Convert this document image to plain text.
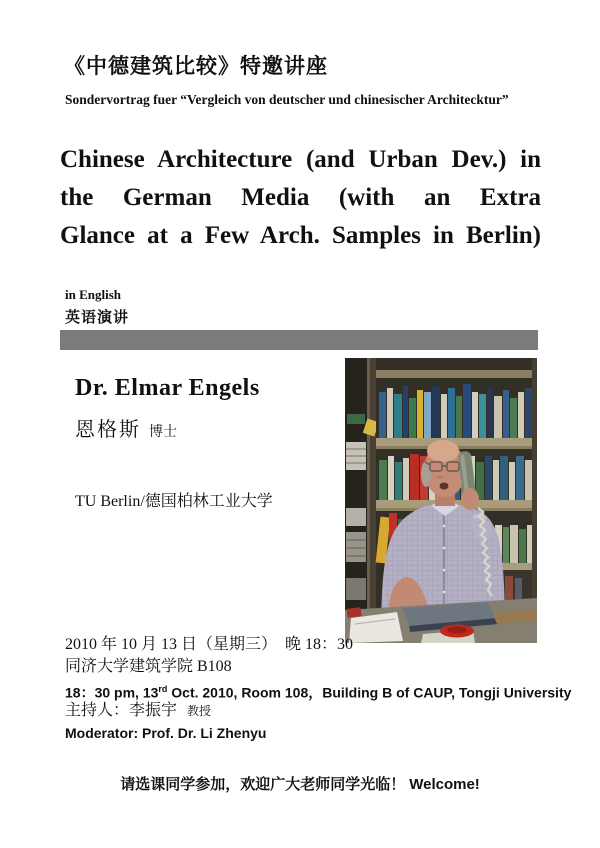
《中德建筑比较》特邀讲座
Sondervortrag fuer “Vergleich von deutscher und chinesischer Architecktur”
Chinese Architecture (and Urban Dev.) in
the German Media (with an Extra
Glance at a Few Arch. Samples in Berlin)
in English
英语演讲
Dr. Elmar Engels
恩格斯 博士
TU Berlin/德国柏林工业大学
2010 年 10 月 13 日（星期三）　晚 18：30
同济大学建筑学院 B108
18：30 pm, 13rd Oct. 2010, Room 108，Building B of CAUP, Tongji University
主持人：李振宇 教授
Moderator: Prof. Dr. Li Zhenyu
请选课同学参加，欢迎广大老师同学光临！ Welcome!
